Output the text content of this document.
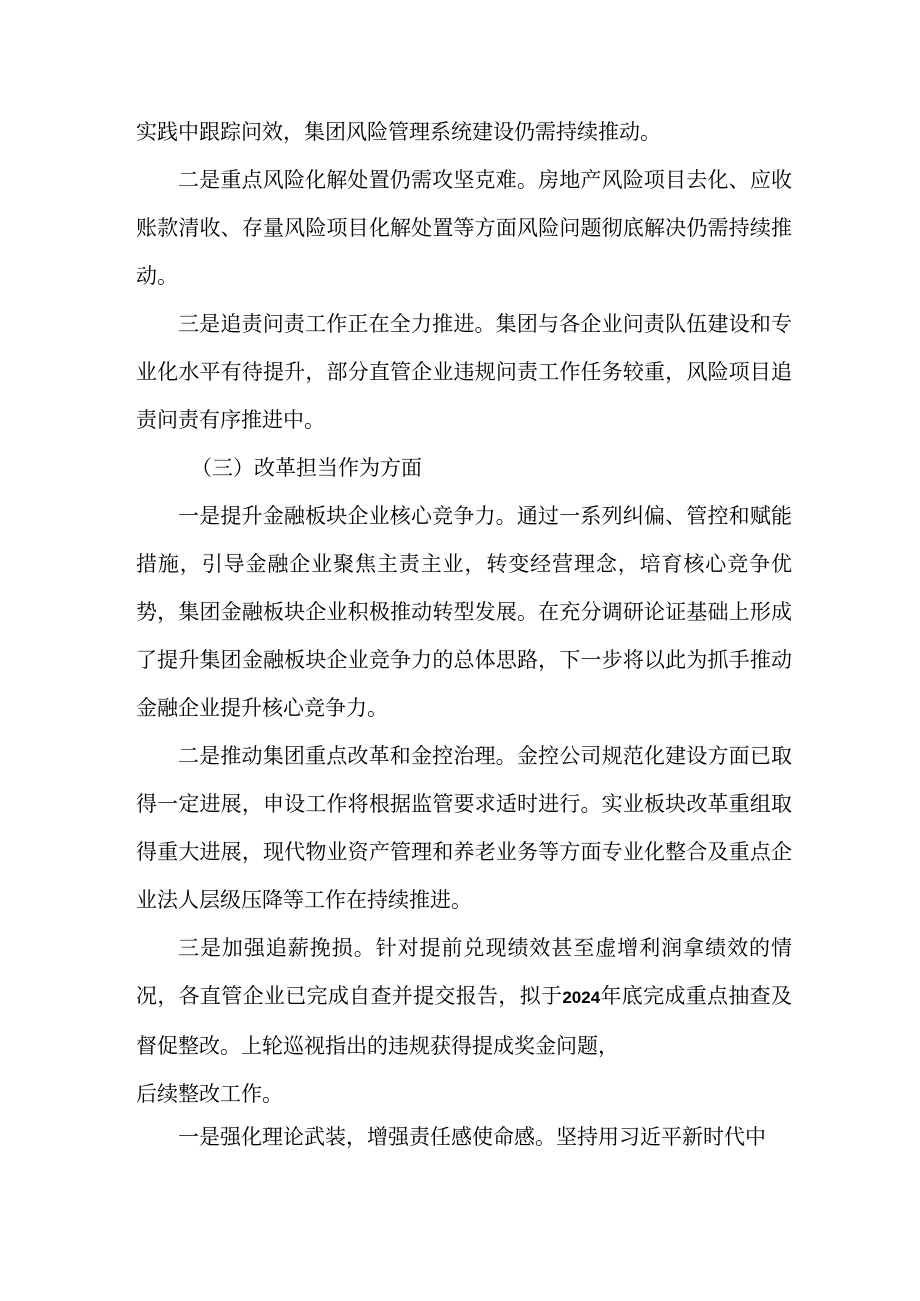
实践中跟踪问效，集团风险管理系统建设仍需持续推动。

二是重点风险化解处置仍需攻坚克难。房地产风险项目去化、应收账款清收、存量风险项目化解处置等方面风险问题彻底解决仍需持续推动。

三是追责问责工作正在全力推进。集团与各企业问责队伍建设和专业化水平有待提升，部分直管企业违规问责工作任务较重，风险项目追责问责有序推进中。

（三）改革担当作为方面

一是提升金融板块企业核心竞争力。通过一系列纠偏、管控和赋能措施，引导金融企业聚焦主责主业，转变经营理念，培育核心竞争优势，集团金融板块企业积极推动转型发展。在充分调研论证基础上形成了提升集团金融板块企业竞争力的总体思路，下一步将以此为抓手推动金融企业提升核心竞争力。

二是推动集团重点改革和金控治理。金控公司规范化建设方面已取得一定进展，申设工作将根据监管要求适时进行。实业板块改革重组取得重大进展，现代物业资产管理和养老业务等方面专业化整合及重点企业法人层级压降等工作在持续推进。

三是加强追薪挽损。针对提前兑现绩效甚至虚增利润拿绩效的情况，各直管企业已完成自查并提交报告，拟于2024年底完成重点抽查及督促整改。上轮巡视指出的违规获得提成奖金问题，

后续整改工作。

一是强化理论武装，增强责任感使命感。坚持用习近平新时代中
